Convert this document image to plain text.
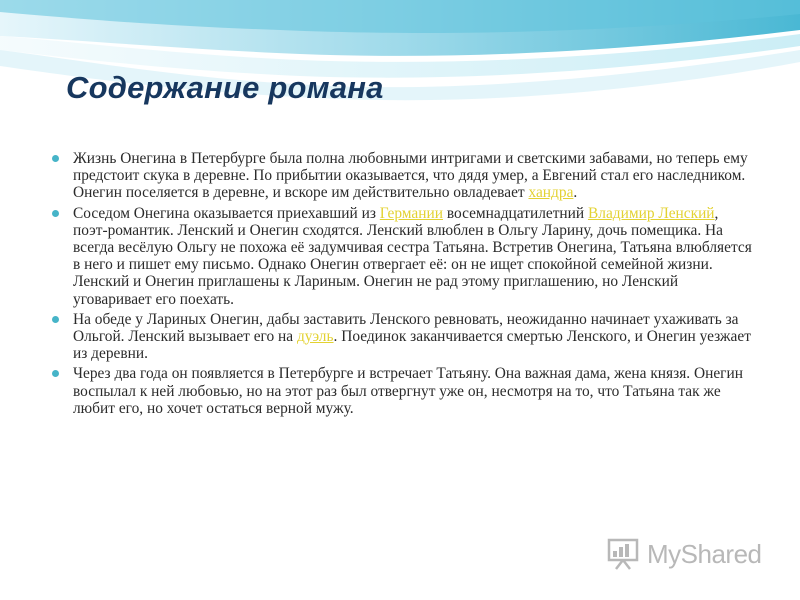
Содержание романа
Жизнь Онегина в Петербурге была полна любовными интригами и светскими забавами, но теперь ему предстоит скука в деревне. По прибытии оказывается, что дядя умер, а Евгений стал его наследником. Онегин поселяется в деревне, и вскоре им действительно овладевает хандра.
Соседом Онегина оказывается приехавший из Германии восемнадцатилетний Владимир Ленский, поэт-романтик. Ленский и Онегин сходятся. Ленский влюблен в Ольгу Ларину, дочь помещика. На всегда весёлую Ольгу не похожа её задумчивая сестра Татьяна. Встретив Онегина, Татьяна влюбляется в него и пишет ему письмо. Однако Онегин отвергает её: он не ищет спокойной семейной жизни. Ленский и Онегин приглашены к Лариным. Онегин не рад этому приглашению, но Ленский уговаривает его поехать.
На обеде у Лариных Онегин, дабы заставить Ленского ревновать, неожиданно начинает ухаживать за Ольгой. Ленский вызывает его на дуэль. Поединок заканчивается смертью Ленского, и Онегин уезжает из деревни.
Через два года он появляется в Петербурге и встречает Татьяну. Она важная дама, жена князя. Онегин воспылал к ней любовью, но на этот раз был отвергнут уже он, несмотря на то, что Татьяна так же любит его, но хочет остаться верной мужу.
MyShared
